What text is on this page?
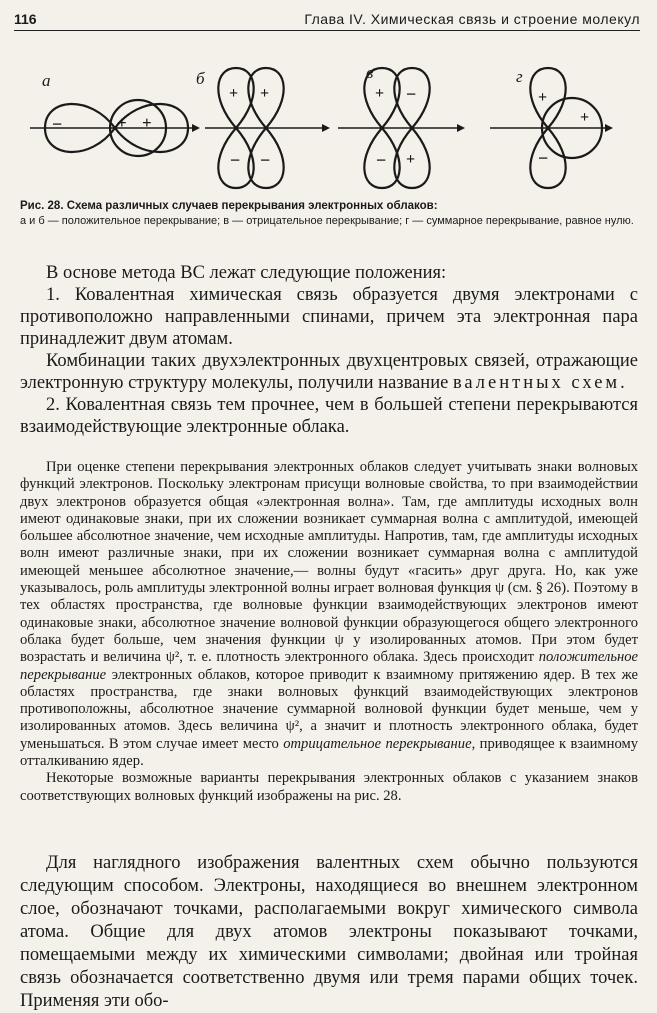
116	Глава IV. Химическая связь и строение молекул
а
−	+ +
б
+ +
− −
в
+ −
− +
г
+
+
−
Рис. 28. Схема различных случаев перекрывания электронных облаков:
а и б — положительное перекрывание; в — отрицательное перекрывание; г — суммарное перекрывание, равное нулю.

В основе метода ВС лежат следующие положения:

1. Ковалентная химическая связь образуется двумя электронами с противоположно направленными спинами, причем эта электронная пара принадлежит двум атомам.

Комбинации таких двухэлектронных двухцентровых связей, отражающие электронную структуру молекулы, получили название валентных схем.

2. Ковалентная связь тем прочнее, чем в большей степени перекрываются взаимодействующие электронные облака.

При оценке степени перекрывания электронных облаков следует учитывать знаки волновых функций электронов. Поскольку электронам присущи волновые свойства, то при взаимодействии двух электронов образуется общая «электронная волна». Там, где амплитуды исходных волн имеют одинаковые знаки, при их сложении возникает суммарная волна с амплитудой, имеющей большее абсолютное значение, чем исходные амплитуды. Напротив, там, где амплитуды исходных волн имеют различные знаки, при их сложении возникает суммарная волна с амплитудой имеющей меньшее абсолютное значение,— волны будут «гасить» друг друга. Но, как уже указывалось, роль амплитуды электронной волны играет волновая функция ψ (см. § 26). Поэтому в тех областях пространства, где волновые функции взаимодействующих электронов имеют одинаковые знаки, абсолютное значение волновой функции образующегося общего электронного облака будет больше, чем значения функции ψ у изолированных атомов. При этом будет возрастать и величина ψ², т. е. плотность электронного облака. Здесь происходит положительное перекрывание электронных облаков, которое приводит к взаимному притяжению ядер. В тех же областях пространства, где знаки волновых функций взаимодействующих электронов противоположны, абсолютное значение суммарной волновой функции будет меньше, чем у изолированных атомов. Здесь величина ψ², а значит и плотность электронного облака, будет уменьшаться. В этом случае имеет место отрицательное перекрывание, приводящее к взаимному отталкиванию ядер.

Некоторые возможные варианты перекрывания электронных облаков с указанием знаков соответствующих волновых функций изображены на рис. 28.

Для наглядного изображения валентных схем обычно пользуются следующим способом. Электроны, находящиеся во внешнем электронном слое, обозначают точками, располагаемыми вокруг химического символа атома. Общие для двух атомов электроны показывают точками, помещаемыми между их химическими символами; двойная или тройная связь обозначается соответственно двумя или тремя парами общих точек. Применяя эти обо-
